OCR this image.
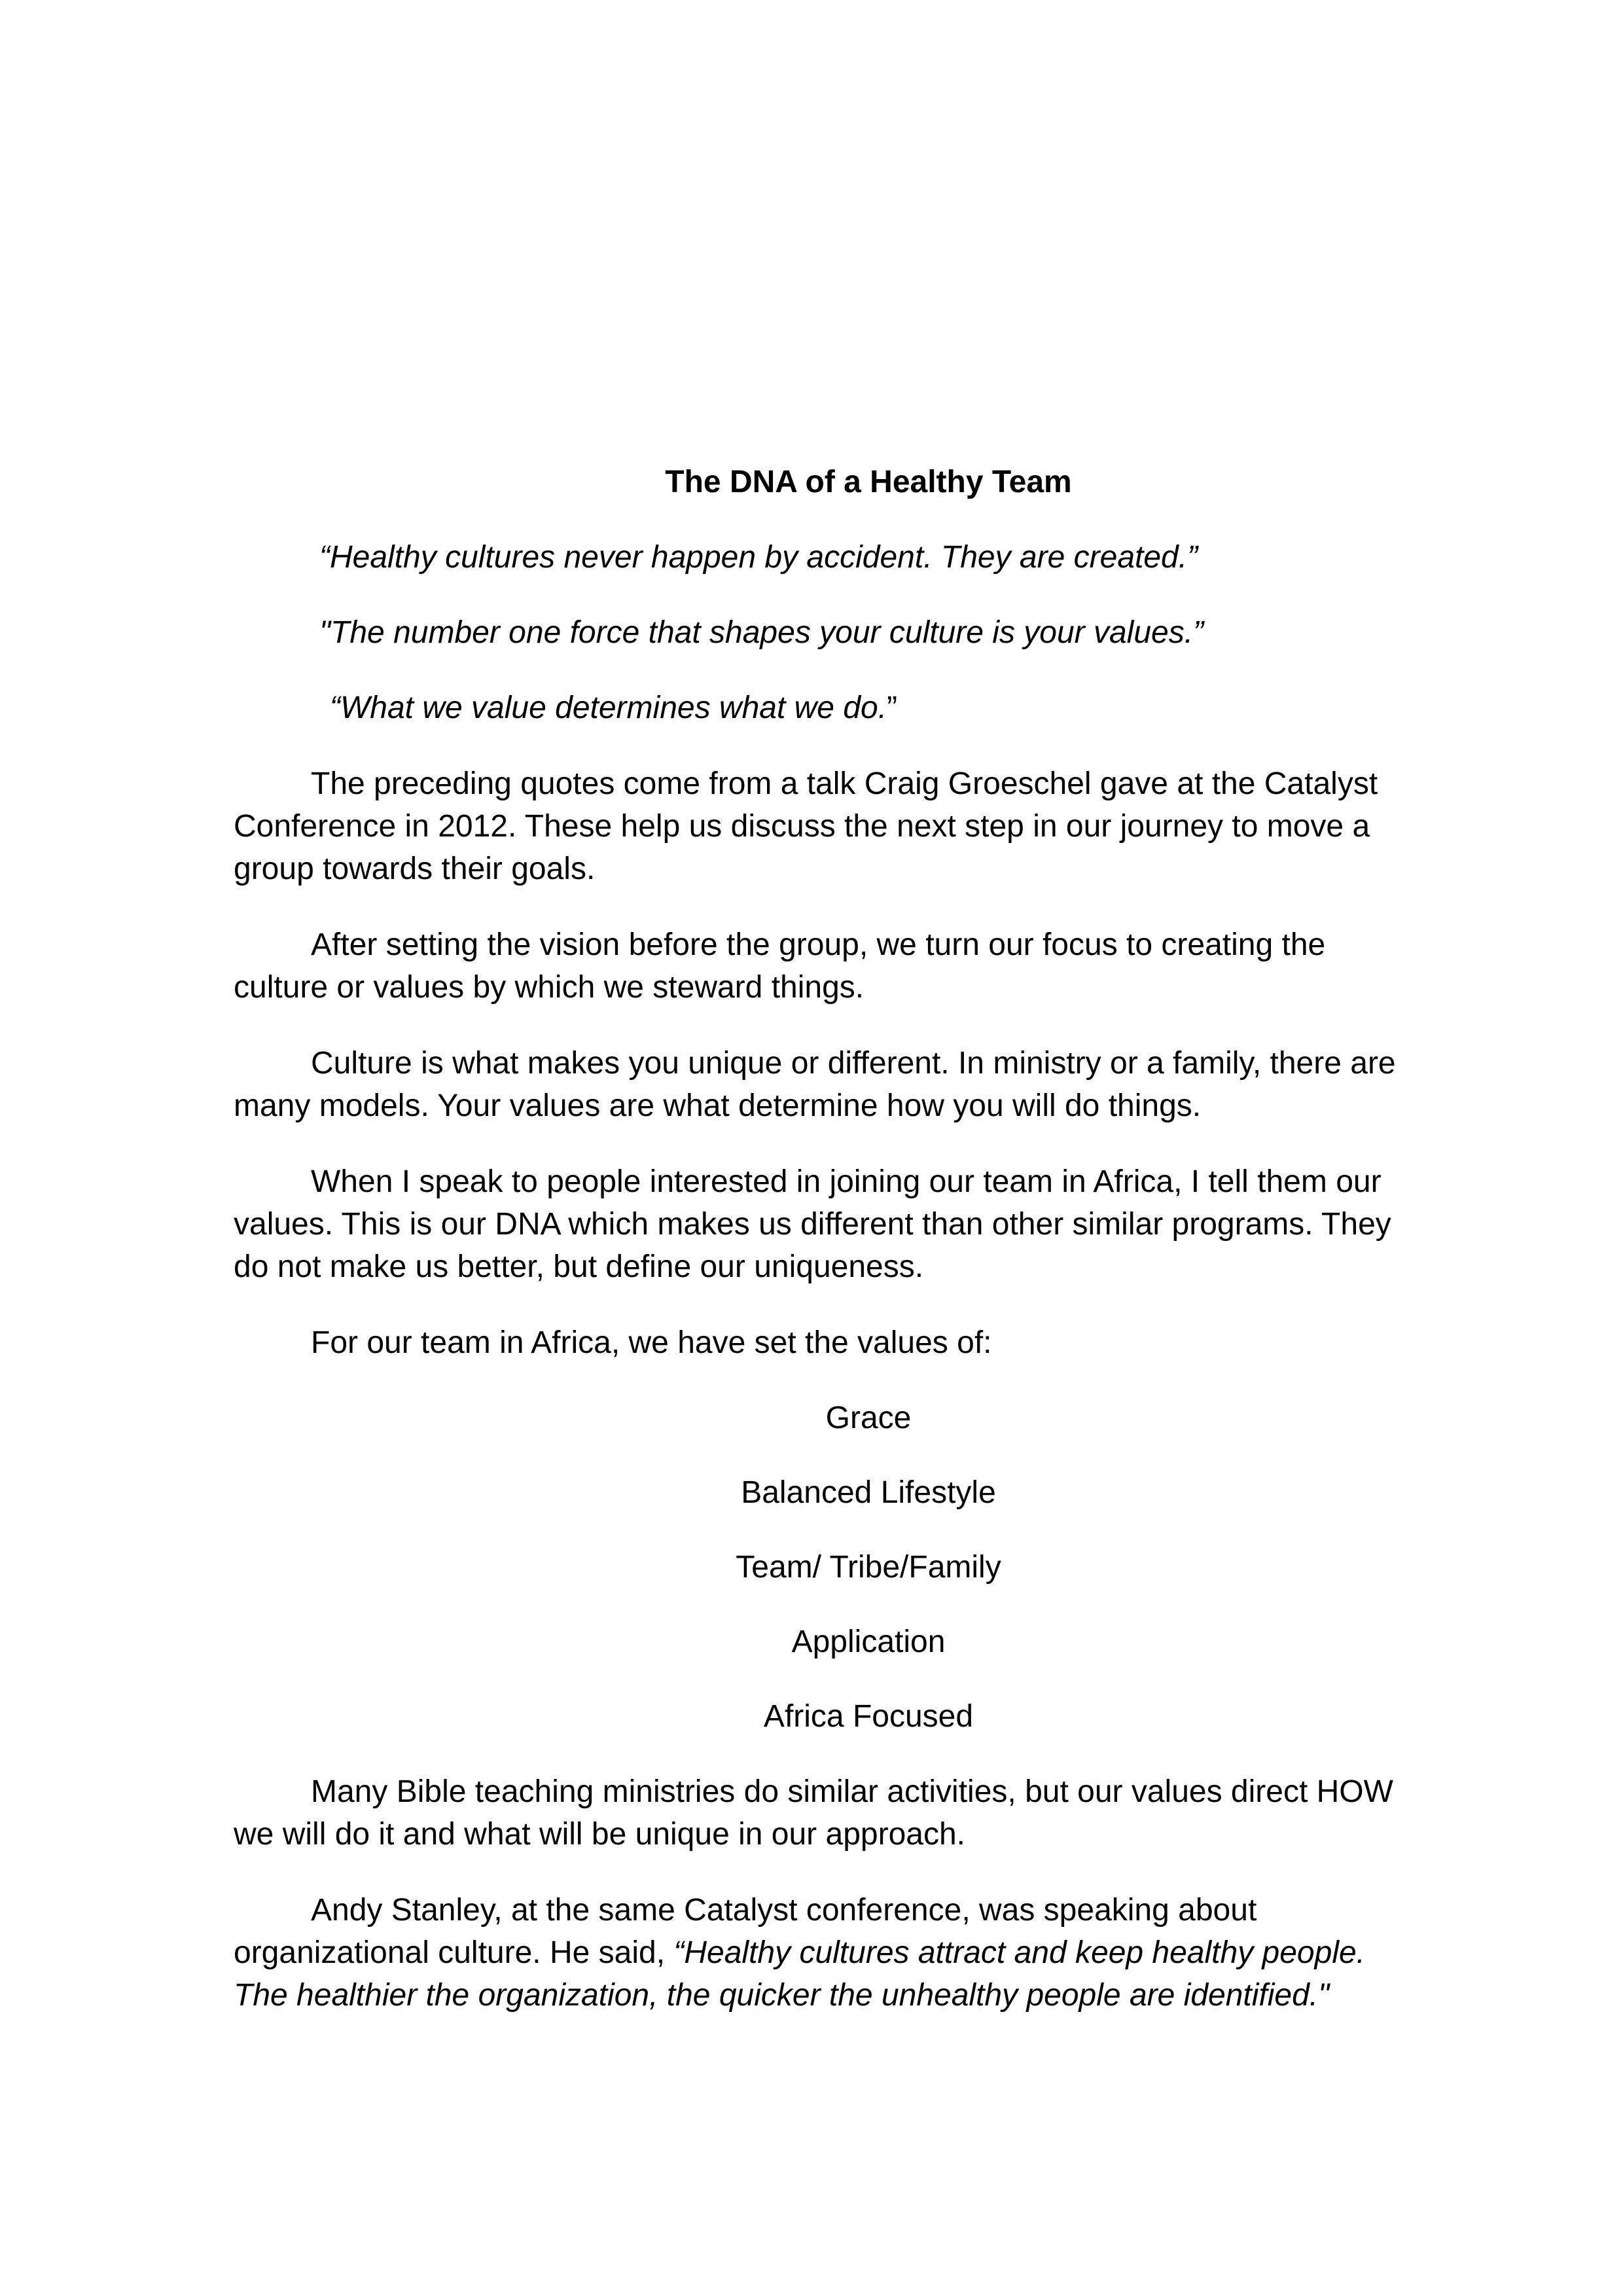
The DNA of a Healthy Team
“Healthy cultures never happen by accident. They are created.”
"The number one force that shapes your culture is your values.”
“What we value determines what we do.”

The preceding quotes come from a talk Craig Groeschel gave at the Catalyst Conference in 2012. These help us discuss the next step in our journey to move a group towards their goals.

After setting the vision before the group, we turn our focus to creating the culture or values by which we steward things.

Culture is what makes you unique or different. In ministry or a family, there are many models. Your values are what determine how you will do things.

When I speak to people interested in joining our team in Africa, I tell them our values. This is our DNA which makes us different than other similar programs. They do not make us better, but define our uniqueness.

For our team in Africa, we have set the values of:

Grace
Balanced Lifestyle
Team/ Tribe/Family
Application
Africa Focused

Many Bible teaching ministries do similar activities, but our values direct HOW we will do it and what will be unique in our approach.

Andy Stanley, at the same Catalyst conference, was speaking about organizational culture. He said, “Healthy cultures attract and keep healthy people. The healthier the organization, the quicker the unhealthy people are identified."
